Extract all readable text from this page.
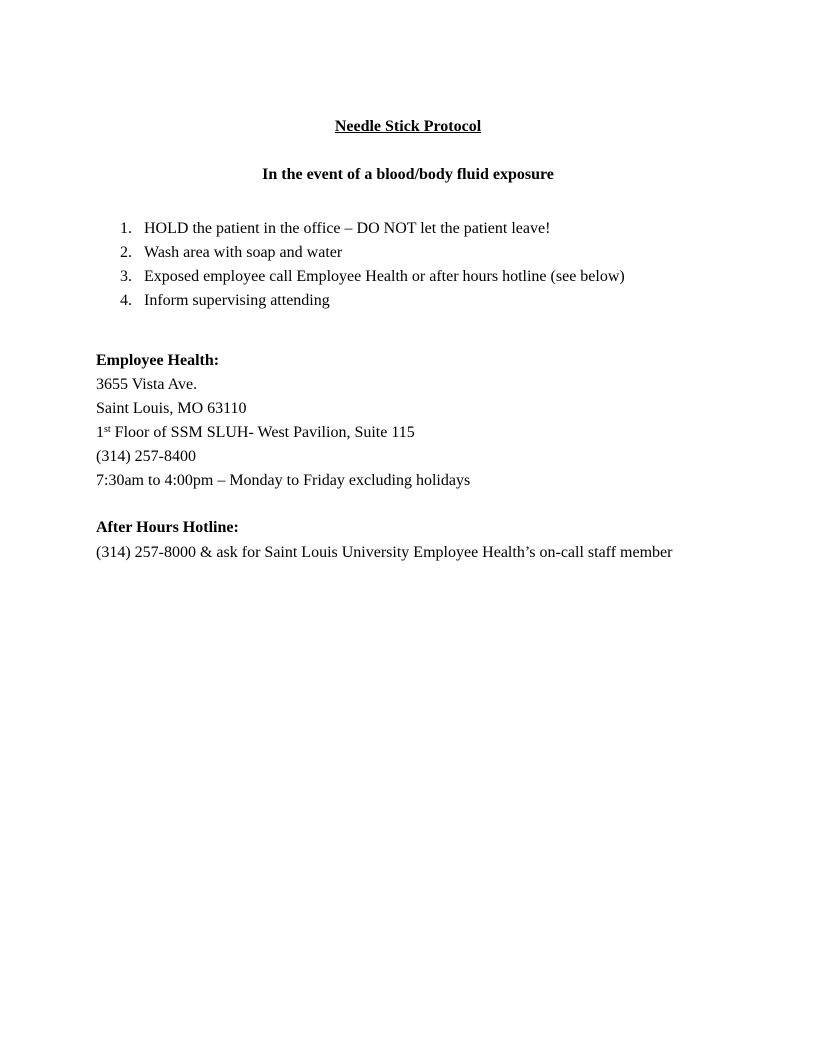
Needle Stick Protocol
In the event of a blood/body fluid exposure
1. HOLD the patient in the office – DO NOT let the patient leave!
2. Wash area with soap and water
3. Exposed employee call Employee Health or after hours hotline (see below)
4. Inform supervising attending
Employee Health:
3655 Vista Ave.
Saint Louis, MO 63110
1st Floor of SSM SLUH- West Pavilion, Suite 115
(314) 257-8400
7:30am to 4:00pm – Monday to Friday excluding holidays
After Hours Hotline:
(314) 257-8000 & ask for Saint Louis University Employee Health’s on-call staff member
